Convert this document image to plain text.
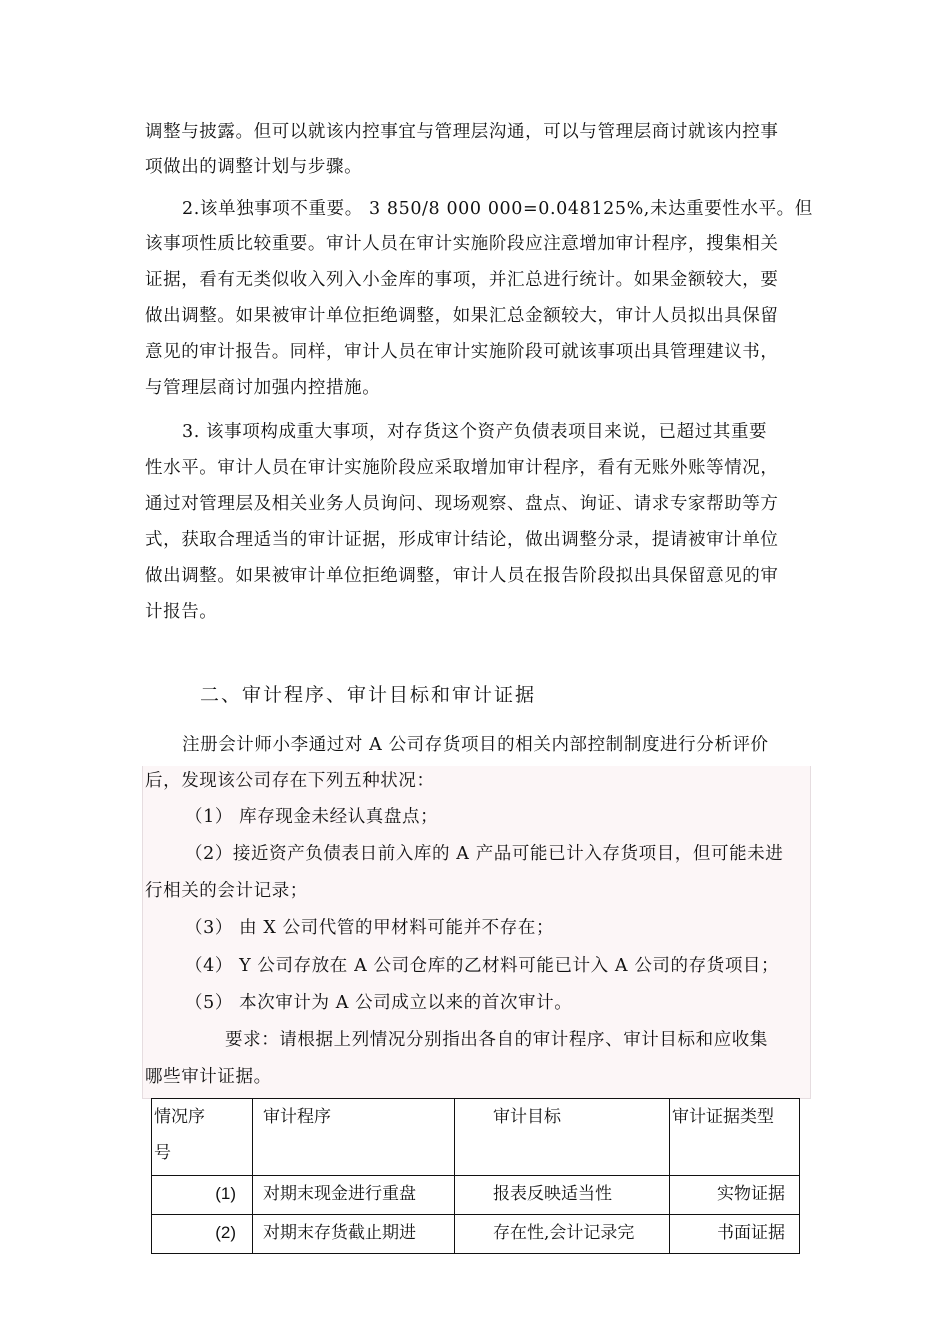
调整与披露。但可以就该内控事宜与管理层沟通，可以与管理层商讨就该内控事
项做出的调整计划与步骤。
2.该单独事项不重要。 3 850/8 000 000=0.048125%,未达重要性水平。但
该事项性质比较重要。审计人员在审计实施阶段应注意增加审计程序，搜集相关
证据，看有无类似收入列入小金库的事项，并汇总进行统计。如果金额较大，要
做出调整。如果被审计单位拒绝调整，如果汇总金额较大，审计人员拟出具保留
意见的审计报告。同样，审计人员在审计实施阶段可就该事项出具管理建议书，
与管理层商讨加强内控措施。
3. 该事项构成重大事项，对存货这个资产负债表项目来说，已超过其重要
性水平。审计人员在审计实施阶段应采取增加审计程序，看有无账外账等情况，
通过对管理层及相关业务人员询问、现场观察、盘点、询证、请求专家帮助等方
式，获取合理适当的审计证据，形成审计结论，做出调整分录，提请被审计单位
做出调整。如果被审计单位拒绝调整，审计人员在报告阶段拟出具保留意见的审
计报告。
二、审计程序、审计目标和审计证据
注册会计师小李通过对 A 公司存货项目的相关内部控制制度进行分析评价
后，发现该公司存在下列五种状况：
（1） 库存现金未经认真盘点；
（2）接近资产负债表日前入库的 A 产品可能已计入存货项目，但可能未进
行相关的会计记录；
（3） 由 X 公司代管的甲材料可能并不存在；
（4） Y 公司存放在 A 公司仓库的乙材料可能已计入 A 公司的存货项目；
（5） 本次审计为 A 公司成立以来的首次审计。
要求：请根据上列情况分别指出各自的审计程序、审计目标和应收集
哪些审计证据。
情况序
号	审计程序	审计目标	审计证据类型
(1)	对期末现金进行重盘	报表反映适当性	实物证据
(2)	对期末存货截止期进	存在性,会计记录完	书面证据
